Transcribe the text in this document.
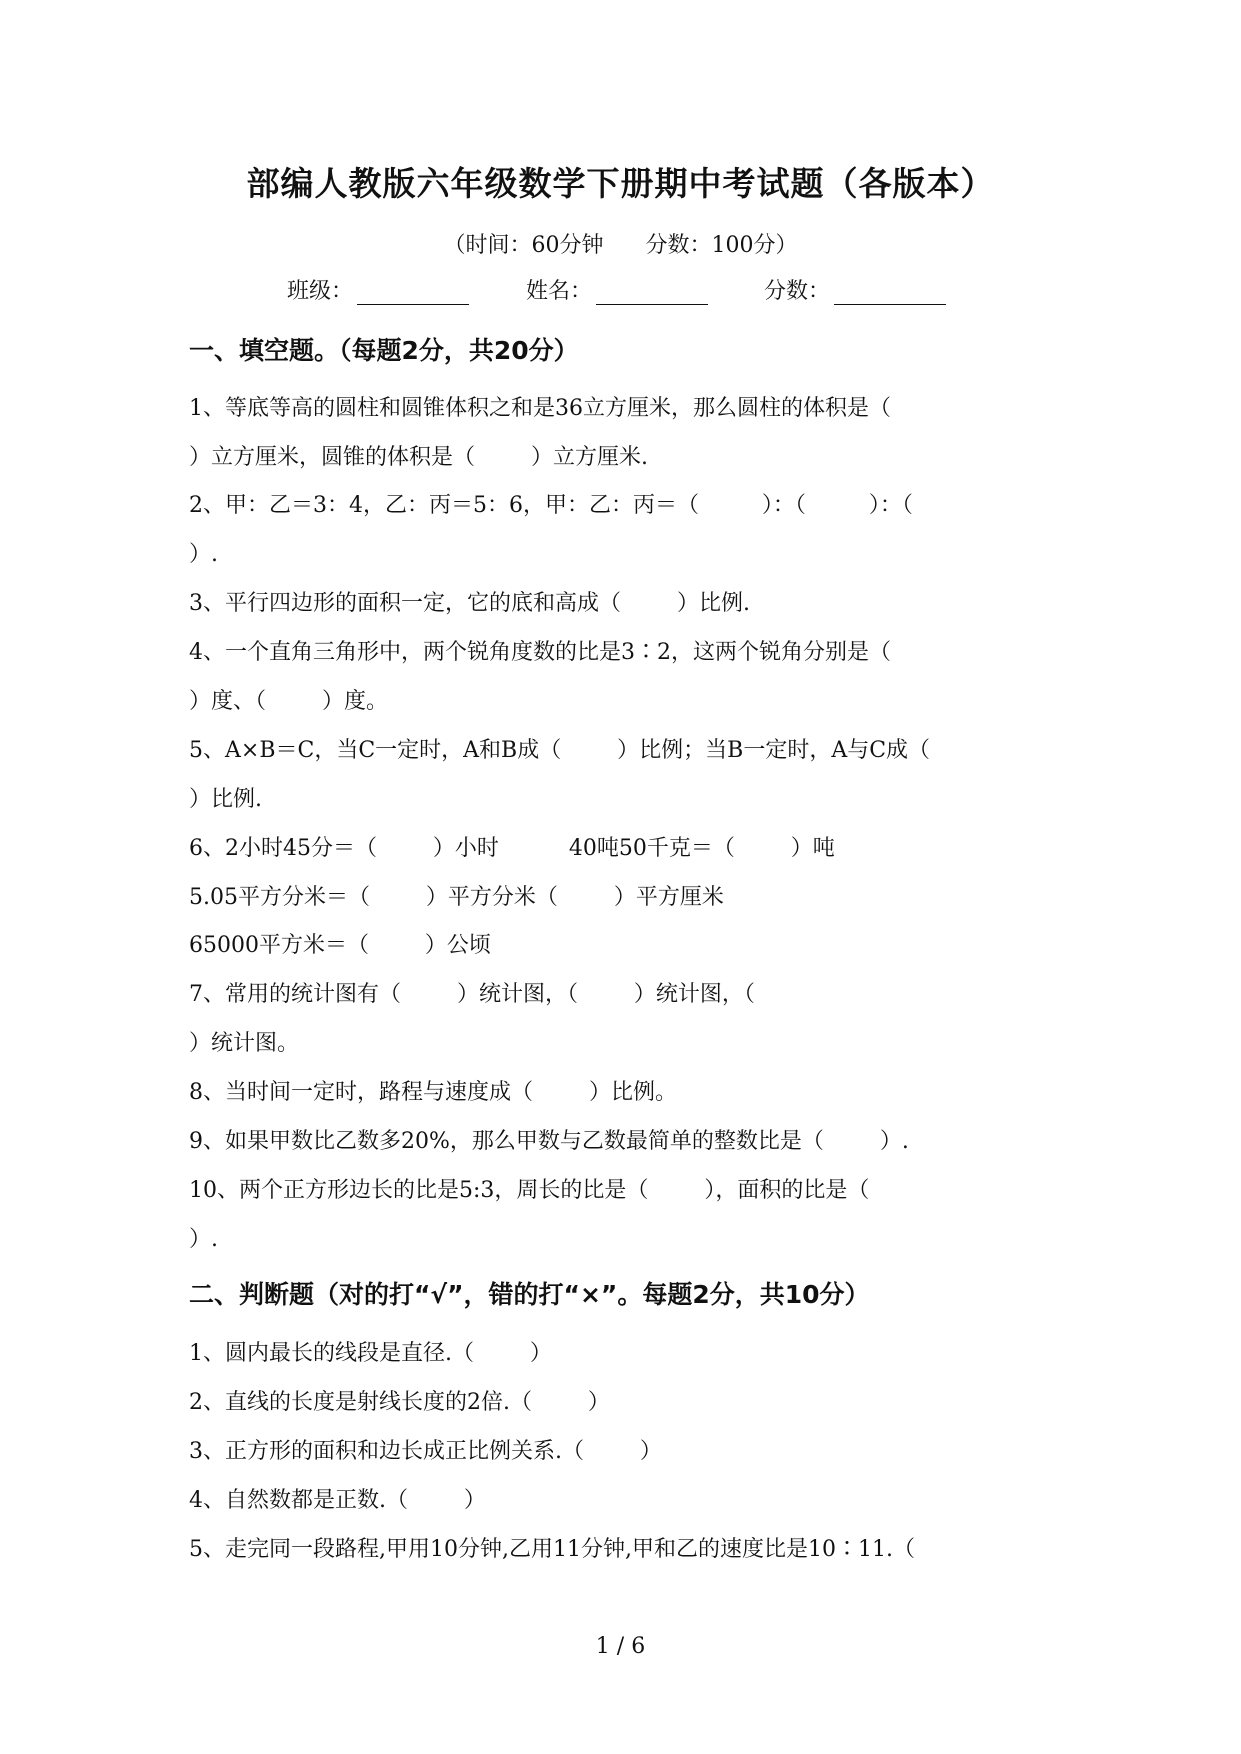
部编人教版六年级数学下册期中考试题（各版本）
（时间：60分钟      分数：100分）
班级：	姓名：	分数：
一、填空题。（每题2分，共20分）
1、等底等高的圆柱和圆锥体积之和是36立方厘米，那么圆柱的体积是（
）立方厘米，圆锥的体积是（        ）立方厘米.
2、甲：乙＝3：4，乙：丙＝5：6，甲：乙：丙＝（         ）：（         ）：（
）.
3、平行四边形的面积一定，它的底和高成（        ）比例.
4、一个直角三角形中，两个锐角度数的比是3∶2，这两个锐角分别是（
）度、（        ）度。
5、A×B＝C，当C一定时，A和B成（        ）比例；当B一定时，A与C成（
）比例.
6、2小时45分＝（        ）小时          40吨50千克＝（        ）吨
5.05平方分米＝（        ）平方分米（        ）平方厘米
65000平方米＝（        ）公顷
7、常用的统计图有（        ）统计图，（        ）统计图，（
）统计图。
8、当时间一定时，路程与速度成（        ）比例。
9、如果甲数比乙数多20%，那么甲数与乙数最简单的整数比是（        ）.
10、两个正方形边长的比是5:3，周长的比是（        ），面积的比是（
）.
二、判断题（对的打“√”，错的打“×”。每题2分，共10分）
1、圆内最长的线段是直径.（        ）
2、直线的长度是射线长度的2倍.（        ）
3、正方形的面积和边长成正比例关系.（        ）
4、自然数都是正数.（        ）
5、走完同一段路程,甲用10分钟,乙用11分钟,甲和乙的速度比是10∶11.（
1 / 6
